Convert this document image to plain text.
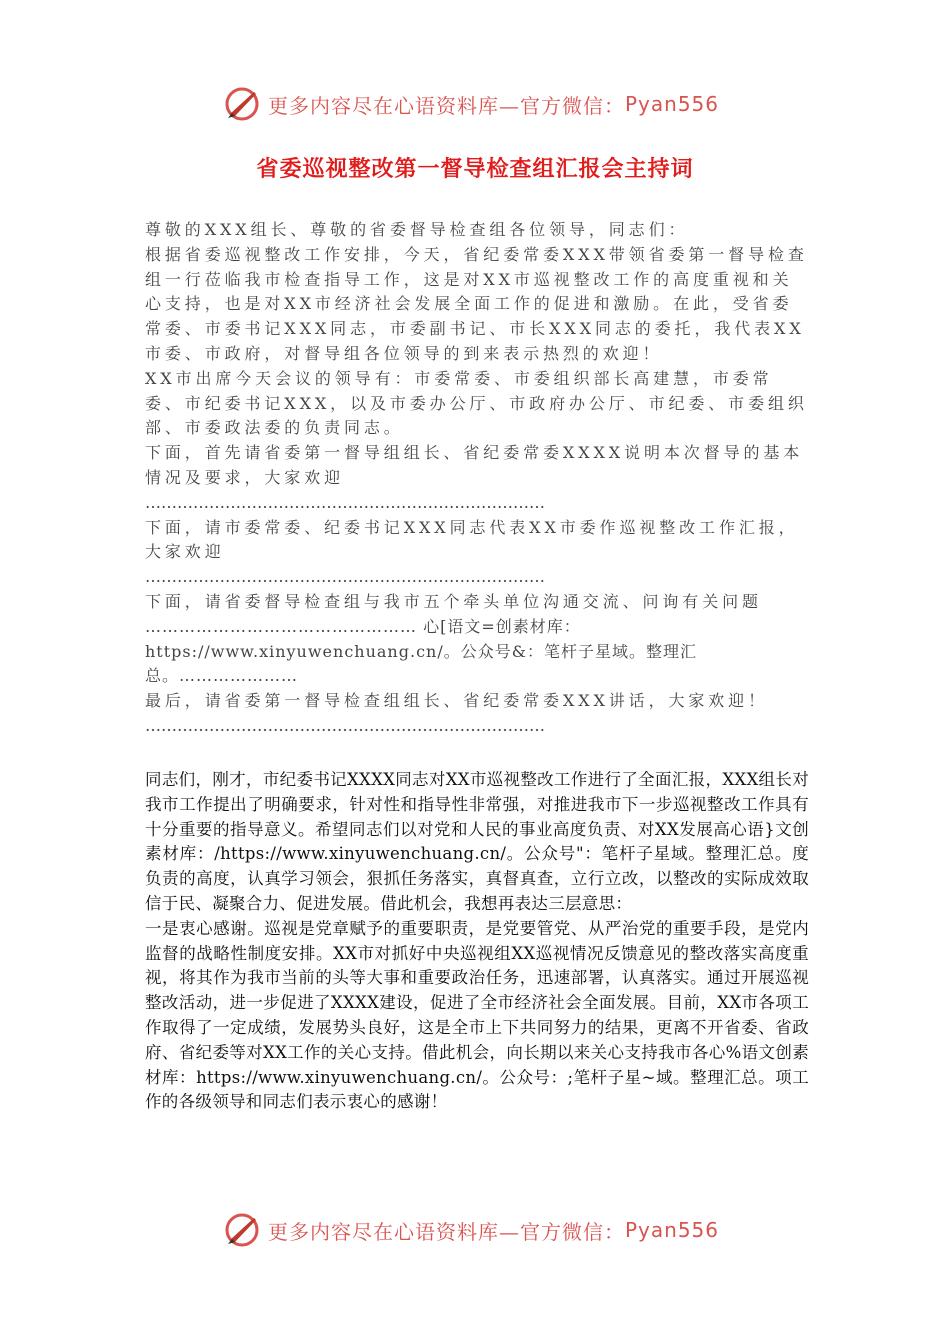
更多内容尽在心语资料库—官方微信： Pyan556
省委巡视整改第一督导检查组汇报会主持词

尊敬的XXX组长、尊敬的省委督导检查组各位领导，同志们：

根据省委巡视整改工作安排，今天，省纪委常委XXX带领省委第一督导检查组一行莅临我市检查指导工作，这是对XX市巡视整改工作的高度重视和关心支持，也是对XX市经济社会发展全面工作的促进和激励。在此，受省委常委、市委书记XXX同志，市委副书记、市长XXX同志的委托，我代表XX市委、市政府，对督导组各位领导的到来表示热烈的欢迎！

XX市出席今天会议的领导有：市委常委、市委组织部长高建慧，市委常委、市纪委书记XXX，以及市委办公厅、市政府办公厅、市纪委、市委组织部、市委政法委的负责同志。

下面，首先请省委第一督导组组长、省纪委常委XXXX说明本次督导的基本情况及要求，大家欢迎

…………………………………………………………………

下面，请市委常委、纪委书记XXX同志代表XX市委作巡视整改工作汇报，大家欢迎

…………………………………………………………………

下面，请省委督导检查组与我市五个牵头单位沟通交流、问询有关问题

………………………………………… 心[语文=创素材库：https://www.xinyuwenchuang.cn/。公众号&：笔杆子星域。整理汇总。…………………

最后，请省委第一督导检查组组长、省纪委常委XXX讲话，大家欢迎！

…………………………………………………………………

同志们，刚才，市纪委书记XXXX同志对XX市巡视整改工作进行了全面汇报，XXX组长对我市工作提出了明确要求，针对性和指导性非常强，对推进我市下一步巡视整改工作具有十分重要的指导意义。希望同志们以对党和人民的事业高度负责、对XX发展高心语}文创素材库：/https://www.xinyuwenchuang.cn/。公众号"：笔杆子星域。整理汇总。度负责的高度，认真学习领会，狠抓任务落实，真督真查，立行立改，以整改的实际成效取信于民、凝聚合力、促进发展。借此机会，我想再表达三层意思：

一是衷心感谢。巡视是党章赋予的重要职责，是党要管党、从严治党的重要手段，是党内监督的战略性制度安排。XX市对抓好中央巡视组XX巡视情况反馈意见的整改落实高度重视，将其作为我市当前的头等大事和重要政治任务，迅速部署，认真落实。通过开展巡视整改活动，进一步促进了XXXX建设，促进了全市经济社会全面发展。目前，XX市各项工作取得了一定成绩，发展势头良好，这是全市上下共同努力的结果，更离不开省委、省政府、省纪委等对XX工作的关心支持。借此机会，向长期以来关心支持我市各心%语文创素材库：https://www.xinyuwenchuang.cn/。公众号：;笔杆子星~域。整理汇总。项工作的各级领导和同志们表示衷心的感谢！

更多内容尽在心语资料库—官方微信： Pyan556
